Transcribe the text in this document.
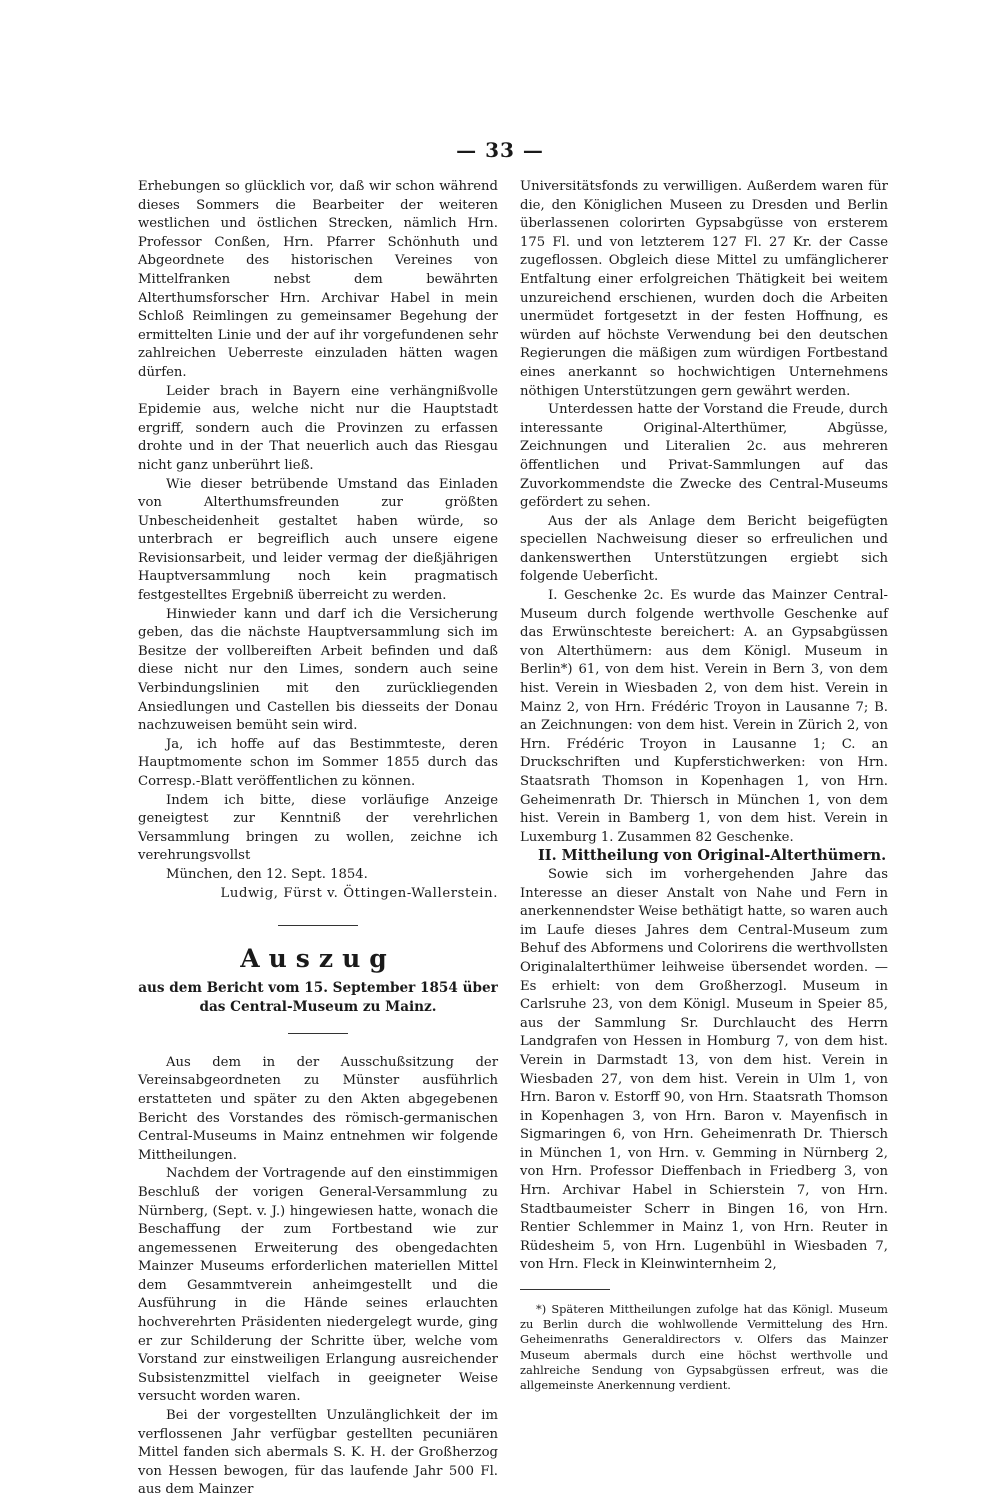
— 33 —

Erhebungen so glücklich vor, daß wir schon während dieses Sommers die Bearbeiter der weiteren westlichen und östlichen Strecken, nämlich Hrn. Professor Conßen, Hrn. Pfarrer Schönhuth und Abgeordnete des historischen Vereines von Mittelfranken nebst dem bewährten Alterthumsforscher Hrn. Archivar Habel in mein Schloß Reimlingen zu gemeinsamer Begehung der ermittelten Linie und der auf ihr vorgefundenen sehr zahlreichen Ueberreste einzuladen hätten wagen dürfen.

Leider brach in Bayern eine verhängnißvolle Epidemie aus, welche nicht nur die Hauptstadt ergriff, sondern auch die Provinzen zu erfassen drohte und in der That neuerlich auch das Riesgau nicht ganz unberührt ließ.

Wie dieser betrübende Umstand das Einladen von Alterthumsfreunden zur größten Unbescheidenheit gestaltet haben würde, so unterbrach er begreiflich auch unsere eigene Revisionsarbeit, und leider vermag der dießjährigen Hauptversammlung noch kein pragmatisch festgestelltes Ergebniß überreicht zu werden.

Hinwieder kann und darf ich die Versicherung geben, das die nächste Hauptversammlung sich im Besitze der vollbereiften Arbeit befinden und daß diese nicht nur den Limes, sondern auch seine Verbindungslinien mit den zurückliegenden Ansiedlungen und Castellen bis diesseits der Donau nachzuweisen bemüht sein wird.

Ja, ich hoffe auf das Bestimmteste, deren Hauptmomente schon im Sommer 1855 durch das Corresp.-Blatt veröffentlichen zu können.

Indem ich bitte, diese vorläufige Anzeige geneigtest zur Kenntniß der verehrlichen Versammlung bringen zu wollen, zeichne ich verehrungsvollst

München, den 12. Sept. 1854.

Ludwig, Fürst v. Öttingen-Wallerstein.

Auszug
aus dem Bericht vom 15. September 1854 über das Central-Museum zu Mainz.

Aus dem in der Ausschußsitzung der Vereinsabgeordneten zu Münster ausführlich erstatteten und später zu den Akten abgegebenen Bericht des Vorstandes des römisch-germanischen Central-Museums in Mainz entnehmen wir folgende Mittheilungen.

Nachdem der Vortragende auf den einstimmigen Beschluß der vorigen General-Versammlung zu Nürnberg, (Sept. v. J.) hingewiesen hatte, wonach die Beschaffung der zum Fortbestand wie zur angemessenen Erweiterung des obengedachten Mainzer Museums erforderlichen materiellen Mittel dem Gesammtverein anheimgestellt und die Ausführung in die Hände seines erlauchten hochverehrten Präsidenten niedergelegt wurde, ging er zur Schilderung der Schritte über, welche vom Vorstand zur einstweiligen Erlangung ausreichender Subsistenzmittel vielfach in geeigneter Weise versucht worden waren.

Bei der vorgestellten Unzulänglichkeit der im verflossenen Jahr verfügbar gestellten pecuniären Mittel fanden sich abermals S. K. H. der Großherzog von Hessen bewogen, für das laufende Jahr 500 Fl. aus dem Mainzer

Universitätsfonds zu verwilligen. Außerdem waren für die, den Königlichen Museen zu Dresden und Berlin überlassenen colorirten Gypsabgüsse von ersterem 175 Fl. und von letzterem 127 Fl. 27 Kr. der Casse zugeflossen. Obgleich diese Mittel zu umfänglicherer Entfaltung einer erfolgreichen Thätigkeit bei weitem unzureichend erschienen, wurden doch die Arbeiten unermüdet fortgesetzt in der festen Hoffnung, es würden auf höchste Verwendung bei den deutschen Regierungen die mäßigen zum würdigen Fortbestand eines anerkannt so hochwichtigen Unternehmens nöthigen Unterstützungen gern gewährt werden.

Unterdessen hatte der Vorstand die Freude, durch interessante Original-Alterthümer, Abgüsse, Zeichnungen und Literalien 2c. aus mehreren öffentlichen und Privat-Sammlungen auf das Zuvorkommendste die Zwecke des Central-Museums gefördert zu sehen.

Aus der als Anlage dem Bericht beigefügten speciellen Nachweisung dieser so erfreulichen und dankenswerthen Unterstützungen ergiebt sich folgende Ueberſicht.

I. Geschenke 2c. Es wurde das Mainzer Central-Museum durch folgende werthvolle Geschenke auf das Erwünschteste bereichert: A. an Gypsabgüssen von Alterthümern: aus dem Königl. Museum in Berlin*) 61, von dem hist. Verein in Bern 3, von dem hist. Verein in Wiesbaden 2, von dem hist. Verein in Mainz 2, von Hrn. Frédéric Troyon in Lausanne 7; B. an Zeichnungen: von dem hist. Verein in Zürich 2, von Hrn. Frédéric Troyon in Lausanne 1; C. an Druckschriften und Kupferstichwerken: von Hrn. Staatsrath Thomson in Kopenhagen 1, von Hrn. Geheimenrath Dr. Thiersch in München 1, von dem hist. Verein in Bamberg 1, von dem hist. Verein in Luxemburg 1. Zusammen 82 Geschenke.

II. Mittheilung von Original-Alterthümern.

Sowie sich im vorhergehenden Jahre das Interesse an dieser Anstalt von Nahe und Fern in anerkennendster Weise bethätigt hatte, so waren auch im Laufe dieses Jahres dem Central-Museum zum Behuf des Abformens und Colorirens die werthvollsten Originalalterthümer leihweise übersendet worden. — Es erhielt: von dem Großherzogl. Museum in Carlsruhe 23, von dem Königl. Museum in Speier 85, aus der Sammlung Sr. Durchlaucht des Herrn Landgrafen von Hessen in Homburg 7, von dem hist. Verein in Darmstadt 13, von dem hist. Verein in Wiesbaden 27, von dem hist. Verein in Ulm 1, von Hrn. Baron v. Estorff 90, von Hrn. Staatsrath Thomson in Kopenhagen 3, von Hrn. Baron v. Mayenfisch in Sigmaringen 6, von Hrn. Geheimenrath Dr. Thiersch in München 1, von Hrn. v. Gemming in Nürnberg 2, von Hrn. Professor Dieffenbach in Friedberg 3, von Hrn. Archivar Habel in Schierstein 7, von Hrn. Stadtbaumeister Scherr in Bingen 16, von Hrn. Rentier Schlemmer in Mainz 1, von Hrn. Reuter in Rüdesheim 5, von Hrn. Lugenbühl in Wiesbaden 7, von Hrn. Fleck in Kleinwinternheim 2,

*) Späteren Mittheilungen zufolge hat das Königl. Museum zu Berlin durch die wohlwollende Vermittelung des Hrn. Geheimenraths Generaldirectors v. Olfers das Mainzer Museum abermals durch eine höchst werthvolle und zahlreiche Sendung von Gypsabgüssen erfreut, was die allgemeinste Anerkennung verdient.
